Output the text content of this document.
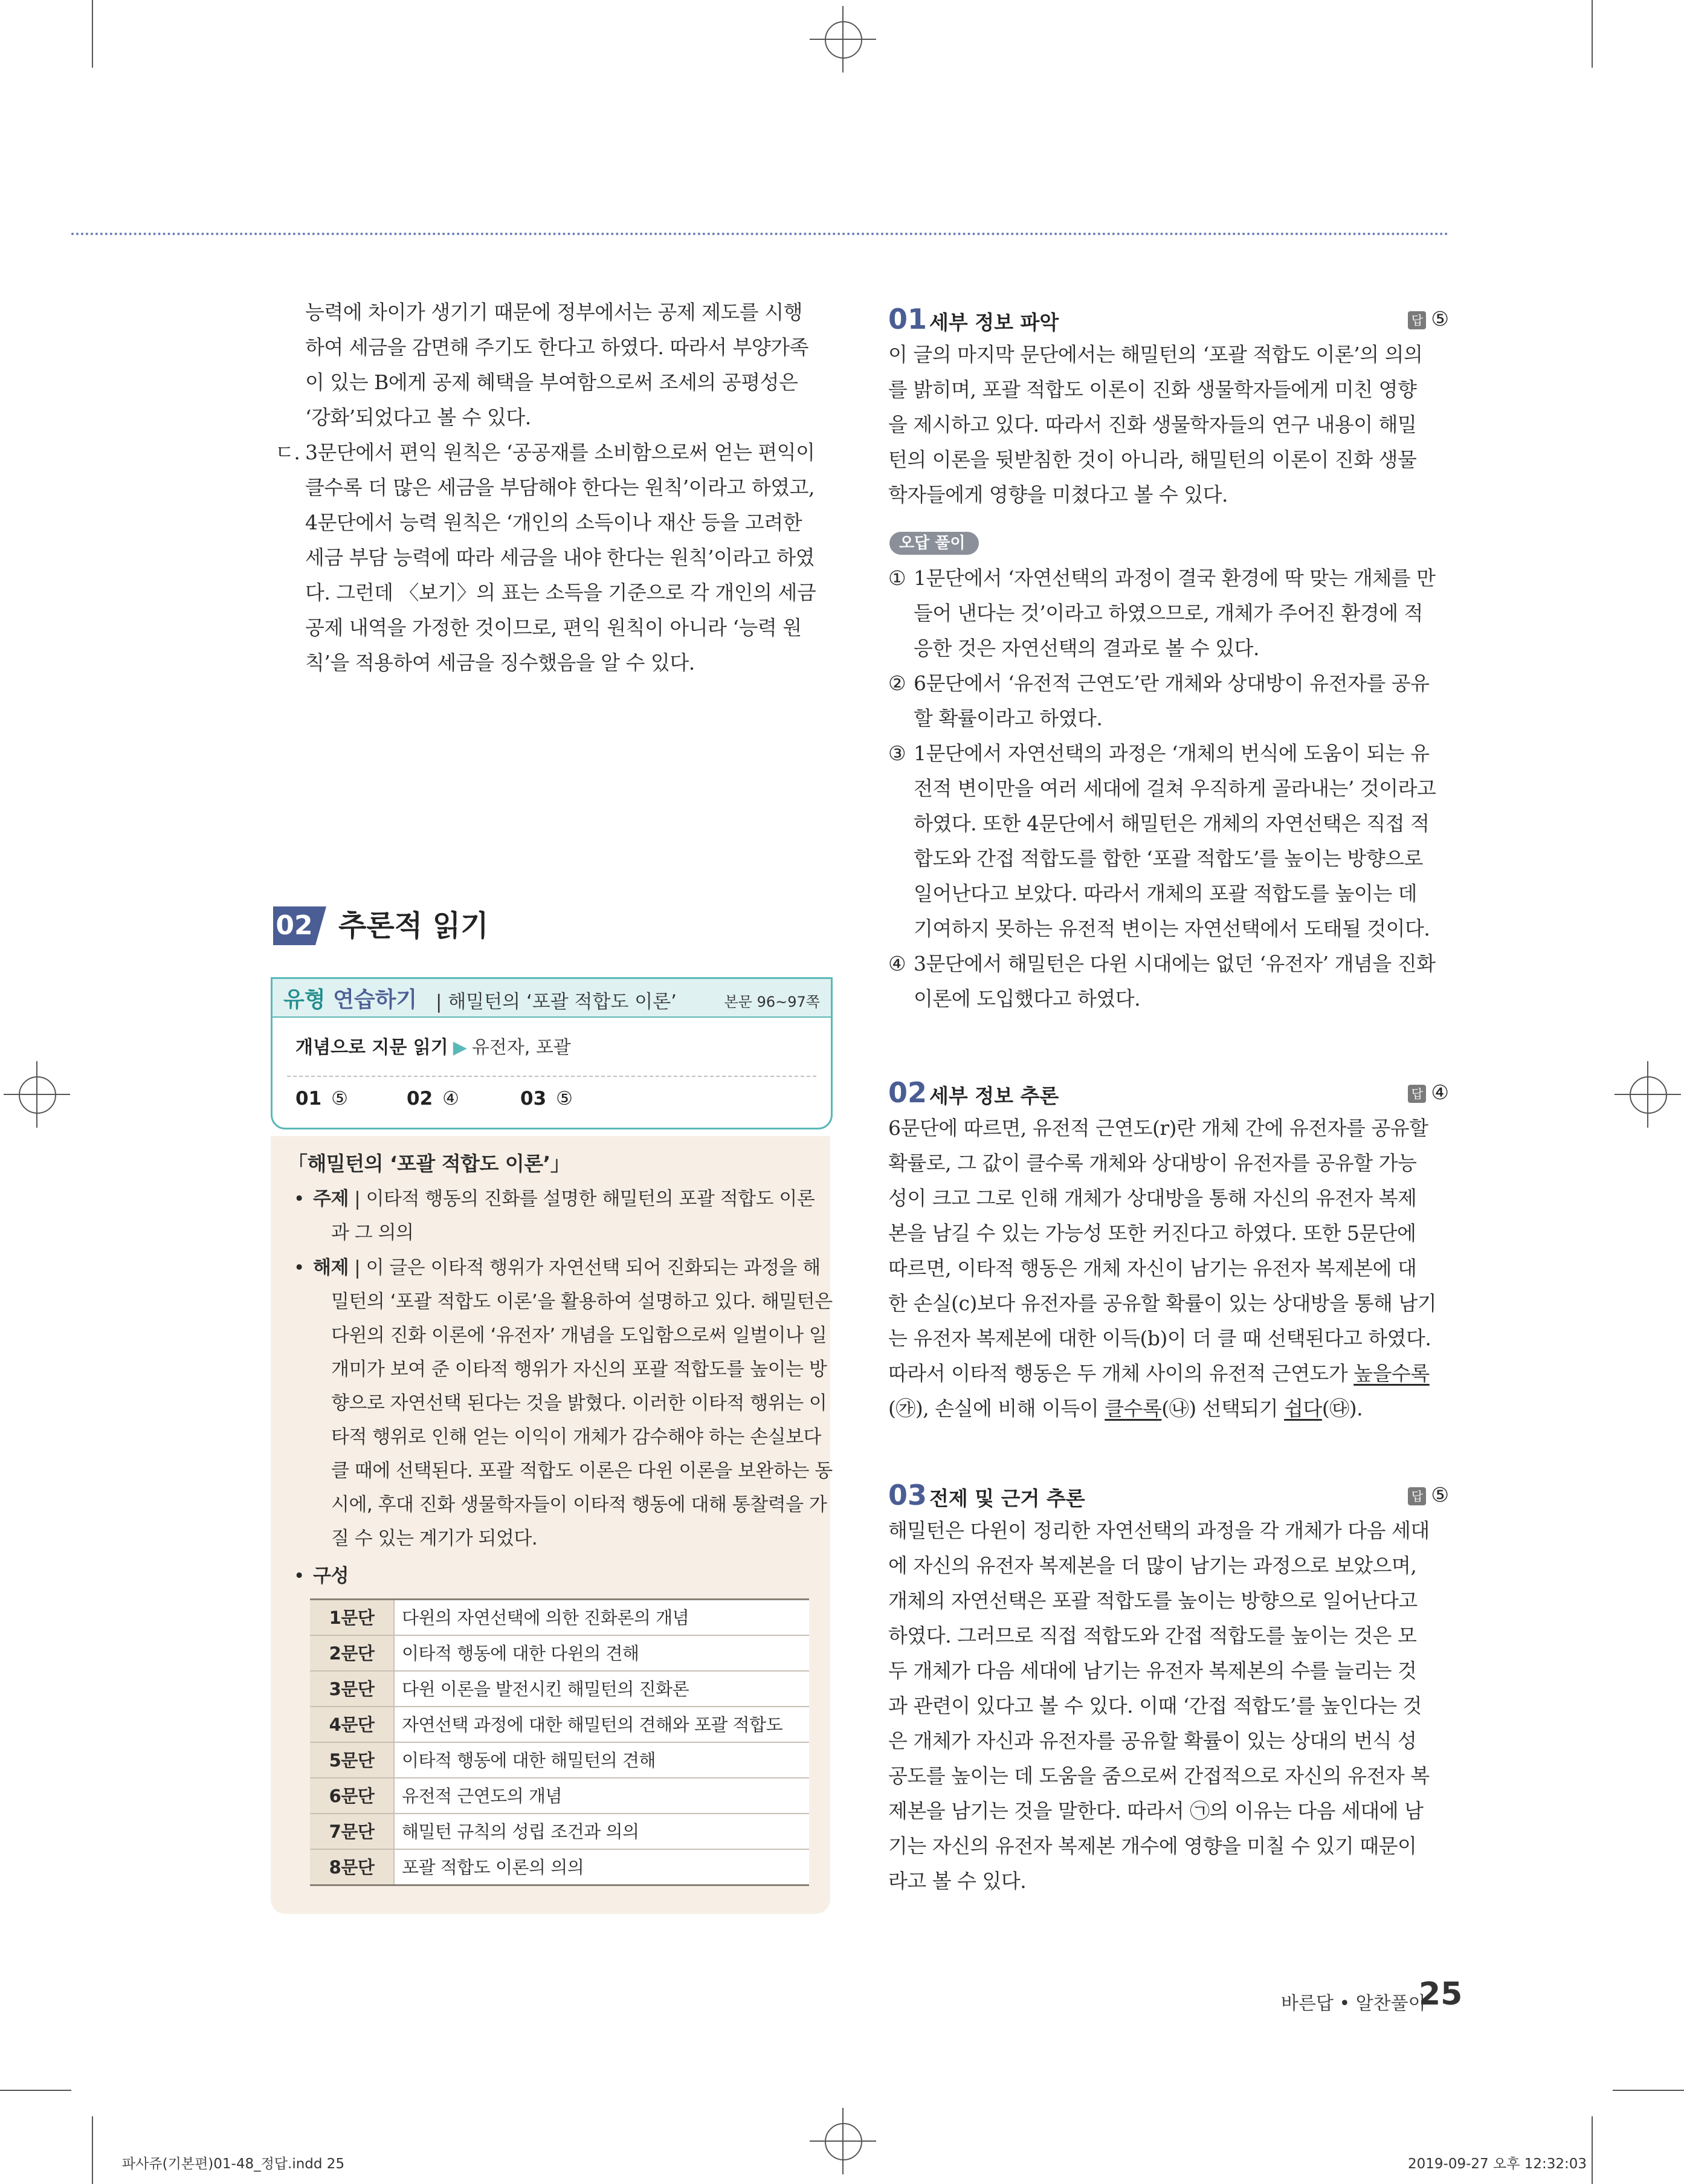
능력에 차이가 생기기 때문에 정부에서는 공제 제도를 시행
하여 세금을 감면해 주기도 한다고 하였다. 따라서 부양가족
이 있는 B에게 공제 혜택을 부여함으로써 조세의 공평성은
‘강화’되었다고 볼 수 있다.
ㄷ. 3문단에서 편익 원칙은 ‘공공재를 소비함으로써 얻는 편익이
클수록 더 많은 세금을 부담해야 한다는 원칙’이라고 하였고,
4문단에서 능력 원칙은 ‘개인의 소득이나 재산 등을 고려한
세금 부담 능력에 따라 세금을 내야 한다는 원칙’이라고 하였
다. 그런데 〈보기〉의 표는 소득을 기준으로 각 개인의 세금
공제 내역을 가정한 것이므로, 편익 원칙이 아니라 ‘능력 원
칙’을 적용하여 세금을 징수했음을 알 수 있다.
02 추론적 읽기
유형 연습하기 | 해밀턴의 ‘포괄 적합도 이론’	본문 96~97쪽
개념으로 지문 읽기 ▶ 유전자, 포괄
01 ⑤	02 ④	03 ⑤
「해밀턴의 ‘포괄 적합도 이론’」
• 주제 | 이타적 행동의 진화를 설명한 해밀턴의 포괄 적합도 이론
과 그 의의
• 해제 | 이 글은 이타적 행위가 자연선택 되어 진화되는 과정을 해
밀턴의 ‘포괄 적합도 이론’을 활용하여 설명하고 있다. 해밀턴은
다윈의 진화 이론에 ‘유전자’ 개념을 도입함으로써 일벌이나 일
개미가 보여 준 이타적 행위가 자신의 포괄 적합도를 높이는 방
향으로 자연선택 된다는 것을 밝혔다. 이러한 이타적 행위는 이
타적 행위로 인해 얻는 이익이 개체가 감수해야 하는 손실보다
클 때에 선택된다. 포괄 적합도 이론은 다윈 이론을 보완하는 동
시에, 후대 진화 생물학자들이 이타적 행동에 대해 통찰력을 가
질 수 있는 계기가 되었다.
• 구성
1문단	다윈의 자연선택에 의한 진화론의 개념
2문단	이타적 행동에 대한 다윈의 견해
3문단	다윈 이론을 발전시킨 해밀턴의 진화론
4문단	자연선택 과정에 대한 해밀턴의 견해와 포괄 적합도
5문단	이타적 행동에 대한 해밀턴의 견해
6문단	유전적 근연도의 개념
7문단	해밀턴 규칙의 성립 조건과 의의
8문단	포괄 적합도 이론의 의의
01 세부 정보 파악	답 ⑤
이 글의 마지막 문단에서는 해밀턴의 ‘포괄 적합도 이론’의 의의
를 밝히며, 포괄 적합도 이론이 진화 생물학자들에게 미친 영향
을 제시하고 있다. 따라서 진화 생물학자들의 연구 내용이 해밀
턴의 이론을 뒷받침한 것이 아니라, 해밀턴의 이론이 진화 생물
학자들에게 영향을 미쳤다고 볼 수 있다.
오답 풀이 ✎
① 1문단에서 ‘자연선택의 과정이 결국 환경에 딱 맞는 개체를 만
들어 낸다는 것’이라고 하였으므로, 개체가 주어진 환경에 적
응한 것은 자연선택의 결과로 볼 수 있다.
② 6문단에서 ‘유전적 근연도’란 개체와 상대방이 유전자를 공유
할 확률이라고 하였다.
③ 1문단에서 자연선택의 과정은 ‘개체의 번식에 도움이 되는 유
전적 변이만을 여러 세대에 걸쳐 우직하게 골라내는’ 것이라고
하였다. 또한 4문단에서 해밀턴은 개체의 자연선택은 직접 적
합도와 간접 적합도를 합한 ‘포괄 적합도’를 높이는 방향으로
일어난다고 보았다. 따라서 개체의 포괄 적합도를 높이는 데
기여하지 못하는 유전적 변이는 자연선택에서 도태될 것이다.
④ 3문단에서 해밀턴은 다윈 시대에는 없던 ‘유전자’ 개념을 진화
이론에 도입했다고 하였다.
02 세부 정보 추론	답 ④
6문단에 따르면, 유전적 근연도(r)란 개체 간에 유전자를 공유할
확률로, 그 값이 클수록 개체와 상대방이 유전자를 공유할 가능
성이 크고 그로 인해 개체가 상대방을 통해 자신의 유전자 복제
본을 남길 수 있는 가능성 또한 커진다고 하였다. 또한 5문단에
따르면, 이타적 행동은 개체 자신이 남기는 유전자 복제본에 대
한 손실(c)보다 유전자를 공유할 확률이 있는 상대방을 통해 남기
는 유전자 복제본에 대한 이득(b)이 더 클 때 선택된다고 하였다.
따라서 이타적 행동은 두 개체 사이의 유전적 근연도가 높을수록
(㉮), 손실에 비해 이득이 클수록(㉯) 선택되기 쉽다(㉰).
03 전제 및 근거 추론	답 ⑤
해밀턴은 다윈이 정리한 자연선택의 과정을 각 개체가 다음 세대
에 자신의 유전자 복제본을 더 많이 남기는 과정으로 보았으며,
개체의 자연선택은 포괄 적합도를 높이는 방향으로 일어난다고
하였다. 그러므로 직접 적합도와 간접 적합도를 높이는 것은 모
두 개체가 다음 세대에 남기는 유전자 복제본의 수를 늘리는 것
과 관련이 있다고 볼 수 있다. 이때 ‘간접 적합도’를 높인다는 것
은 개체가 자신과 유전자를 공유할 확률이 있는 상대의 번식 성
공도를 높이는 데 도움을 줌으로써 간접적으로 자신의 유전자 복
제본을 남기는 것을 말한다. 따라서 ㉠의 이유는 다음 세대에 남
기는 자신의 유전자 복제본 개수에 영향을 미칠 수 있기 때문이
라고 볼 수 있다.
바른답 • 알찬풀이
25
파사쥬(기본편)01-48_정답.indd 25	2019-09-27 오후 12:32:03
